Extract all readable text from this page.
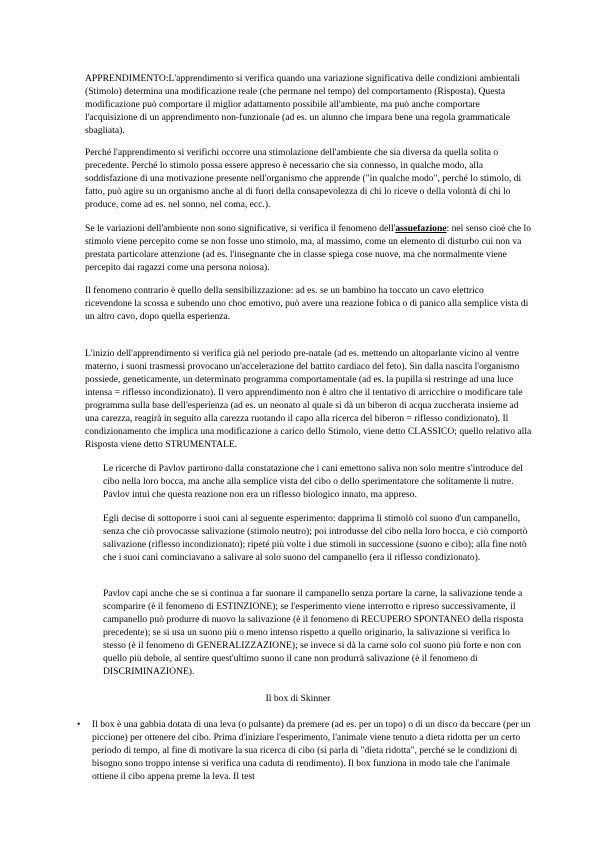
APPRENDIMENTO:L'apprendimento si verifica quando una variazione significativa delle condizioni ambientali (Stimolo) determina una modificazione reale (che permane nel tempo) del comportamento (Risposta). Questa modificazione può comportare il miglior adattamento possibile all'ambiente, ma può anche comportare l'acquisizione di un apprendimento non-funzionale (ad es. un alunno che impara bene una regola grammaticale sbagliata).

Perché l'apprendimento si verifichi occorre una stimolazione dell'ambiente che sia diversa da quella solita o precedente. Perché lo stimolo possa essere appreso è necessario che sia connesso, in qualche modo, alla soddisfazione di una motivazione presente nell'organismo che apprende ("in qualche modo", perché lo stimolo, di fatto, può agire su un organismo anche al di fuori della consapevolezza di chi lo riceve o della volontà di chi lo produce, come ad es. nel sonno, nel coma, ecc.).

Se le variazioni dell'ambiente non sono significative, si verifica il fenomeno dell'assuefazione: nel senso cioè che lo stimolo viene percepito come se non fosse uno stimolo, ma, al massimo, come un elemento di disturbo cui non va prestata particolare attenzione (ad es. l'insegnante che in classe spiega cose nuove, ma che normalmente viene percepito dai ragazzi come una persona noiosa).

Il fenomeno contrario è quello della sensibilizzazione: ad es. se un bambino ha toccato un cavo elettrico ricevendone la scossa e subendo uno choc emotivo, può avere una reazione fobica o di panico alla semplice vista di un altro cavo, dopo quella esperienza.

L'inizio dell'apprendimento si verifica già nel periodo pre-natale (ad es. mettendo un altoparlante vicino al ventre materno, i suoni trasmessi provocano un'accelerazione del battito cardiaco del feto). Sin dalla nascita l'organismo possiede, geneticamente, un determinato programma comportamentale (ad es. la pupilla si restringe ad una luce intensa = riflesso incondizionato). Il vero apprendimento non è altro che il tentativo di arricchire o modificare tale programma sulla base dell'esperienza (ad es. un neonato al quale si dà un biberon di acqua zuccherata insieme ad una carezza, reagirà in seguito alla carezza ruotando il capo alla ricerca del biberon = riflesso condizionato). Il condizionamento che implica una modificazione a carico dello Stimolo, viene detto CLASSICO; quello relativo alla Risposta viene detto STRUMENTALE.

Le ricerche di Pavlov partirono dalla constatazione che i cani emettono saliva non solo mentre s'introduce del cibo nella loro bocca, ma anche alla semplice vista del cibo o dello sperimentatore che solitamente li nutre. Pavlov intuì che questa reazione non era un riflesso biologico innato, ma appreso.

Egli decise di sottoporre i suoi cani al seguente esperimento: dapprima li stimolò col suono d'un campanello, senza che ciò provocasse salivazione (stimolo neutro); poi introdusse del cibo nella loro bocca, e ciò comportò salivazione (riflesso incondizionato); ripeté più volte i due stimoli in successione (suono e cibo); alla fine notò che i suoi cani cominciavano a salivare al solo suono del campanello (era il riflesso condizionato).

Pavlov capì anche che se si continua a far suonare il campanello senza portare la carne, la salivazione tende a scomparire (è il fenomeno di ESTINZIONE); se l'esperimento viene interrotto e ripreso successivamente, il campanello può produrre di nuovo la salivazione (è il fenomeno di RECUPERO SPONTANEO della risposta precedente); se si usa un suono più o meno intenso rispetto a quello originario, la salivazione si verifica lo stesso (è il fenomeno di GENERALIZZAZIONE); se invece si dà la carne solo col suono più forte e non con quello più debole, al sentire quest'ultimo suono il cane non produrrà salivazione (è il fenomeno di DISCRIMINAZIONE).

Il box di Skinner
• Il box è una gabbia dotata di una leva (o pulsante) da premere (ad es. per un topo) o di un disco da beccare (per un piccione) per ottenere del cibo. Prima d'iniziare l'esperimento, l'animale viene tenuto a dieta ridotta per un certo periodo di tempo, al fine di motivare la sua ricerca di cibo (si parla di "dieta ridotta", perché se le condizioni di bisogno sono troppo intense si verifica una caduta di rendimento). Il box funziona in modo tale che l'animale ottiene il cibo appena preme la leva. Il test
